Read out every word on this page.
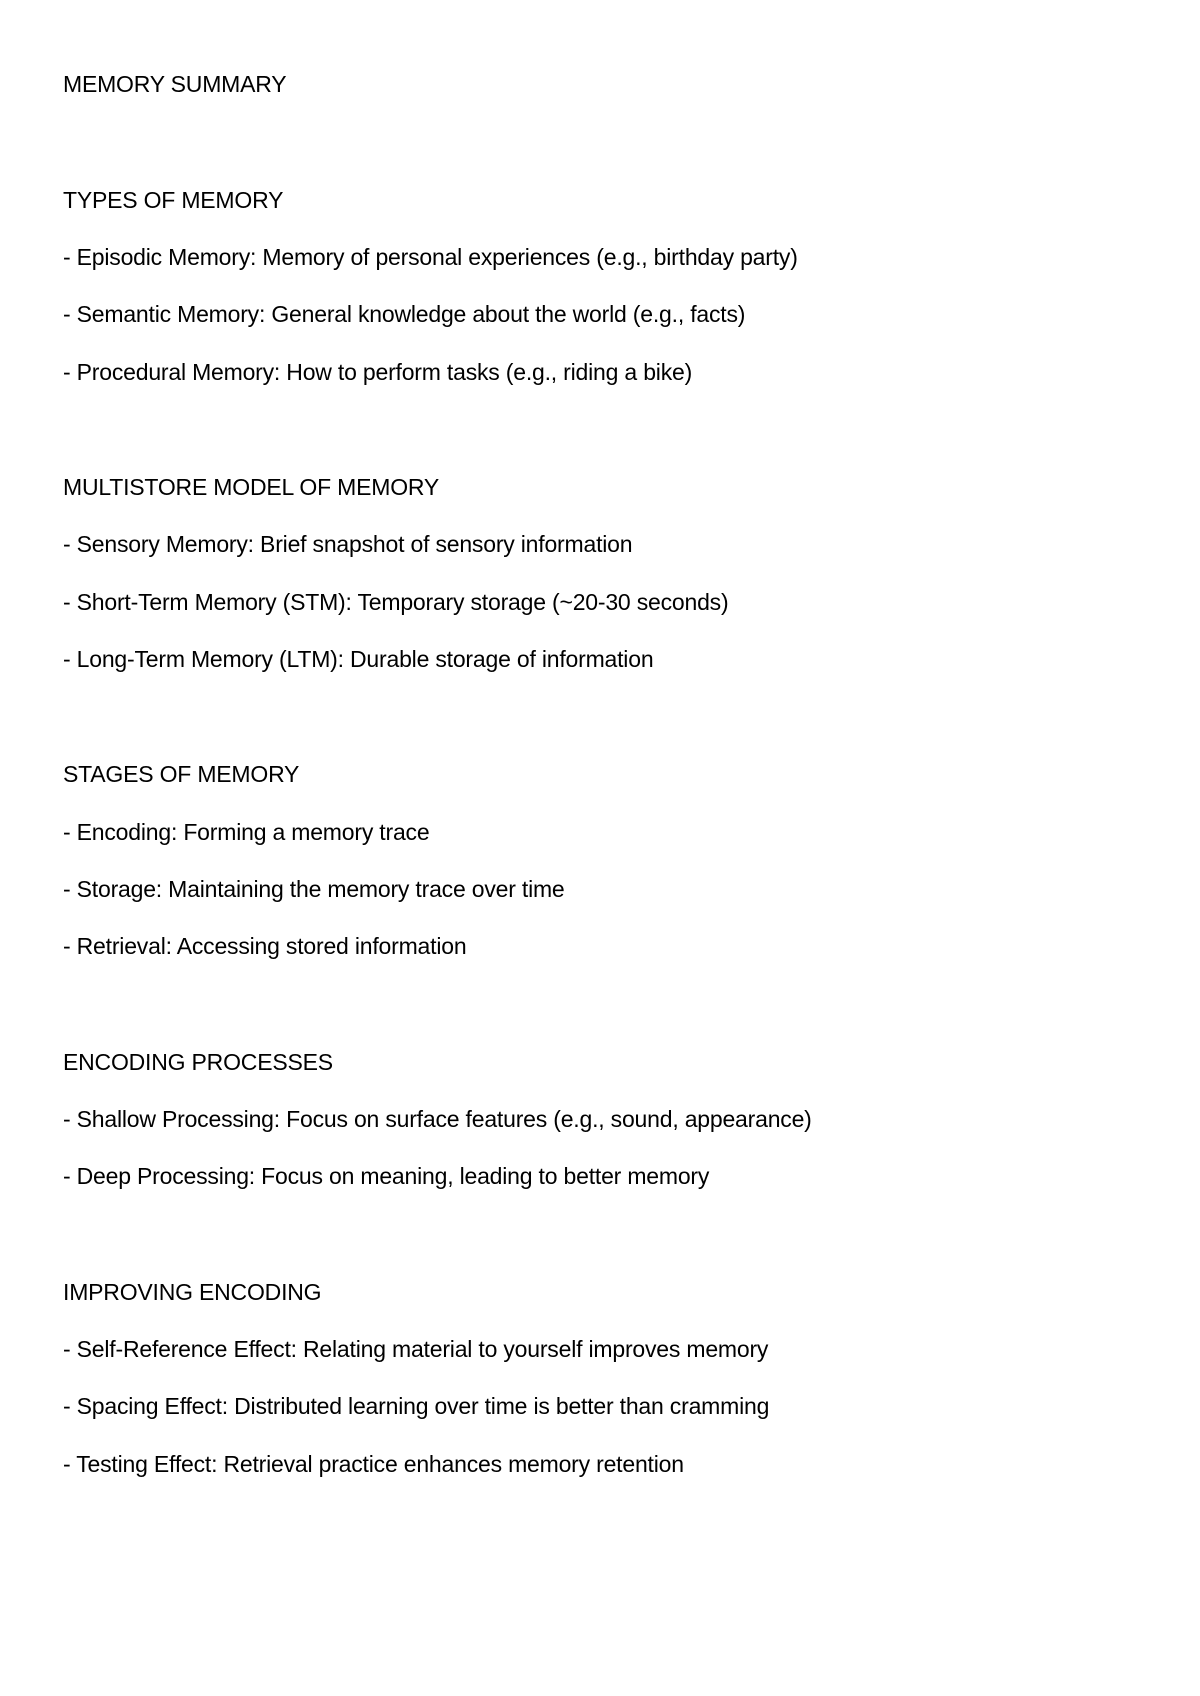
MEMORY SUMMARY
TYPES OF MEMORY
- Episodic Memory: Memory of personal experiences (e.g., birthday party)
- Semantic Memory: General knowledge about the world (e.g., facts)
- Procedural Memory: How to perform tasks (e.g., riding a bike)
MULTISTORE MODEL OF MEMORY
- Sensory Memory: Brief snapshot of sensory information
- Short-Term Memory (STM): Temporary storage (~20-30 seconds)
- Long-Term Memory (LTM): Durable storage of information
STAGES OF MEMORY
- Encoding: Forming a memory trace
- Storage: Maintaining the memory trace over time
- Retrieval: Accessing stored information
ENCODING PROCESSES
- Shallow Processing: Focus on surface features (e.g., sound, appearance)
- Deep Processing: Focus on meaning, leading to better memory
IMPROVING ENCODING
- Self-Reference Effect: Relating material to yourself improves memory
- Spacing Effect: Distributed learning over time is better than cramming
- Testing Effect: Retrieval practice enhances memory retention
